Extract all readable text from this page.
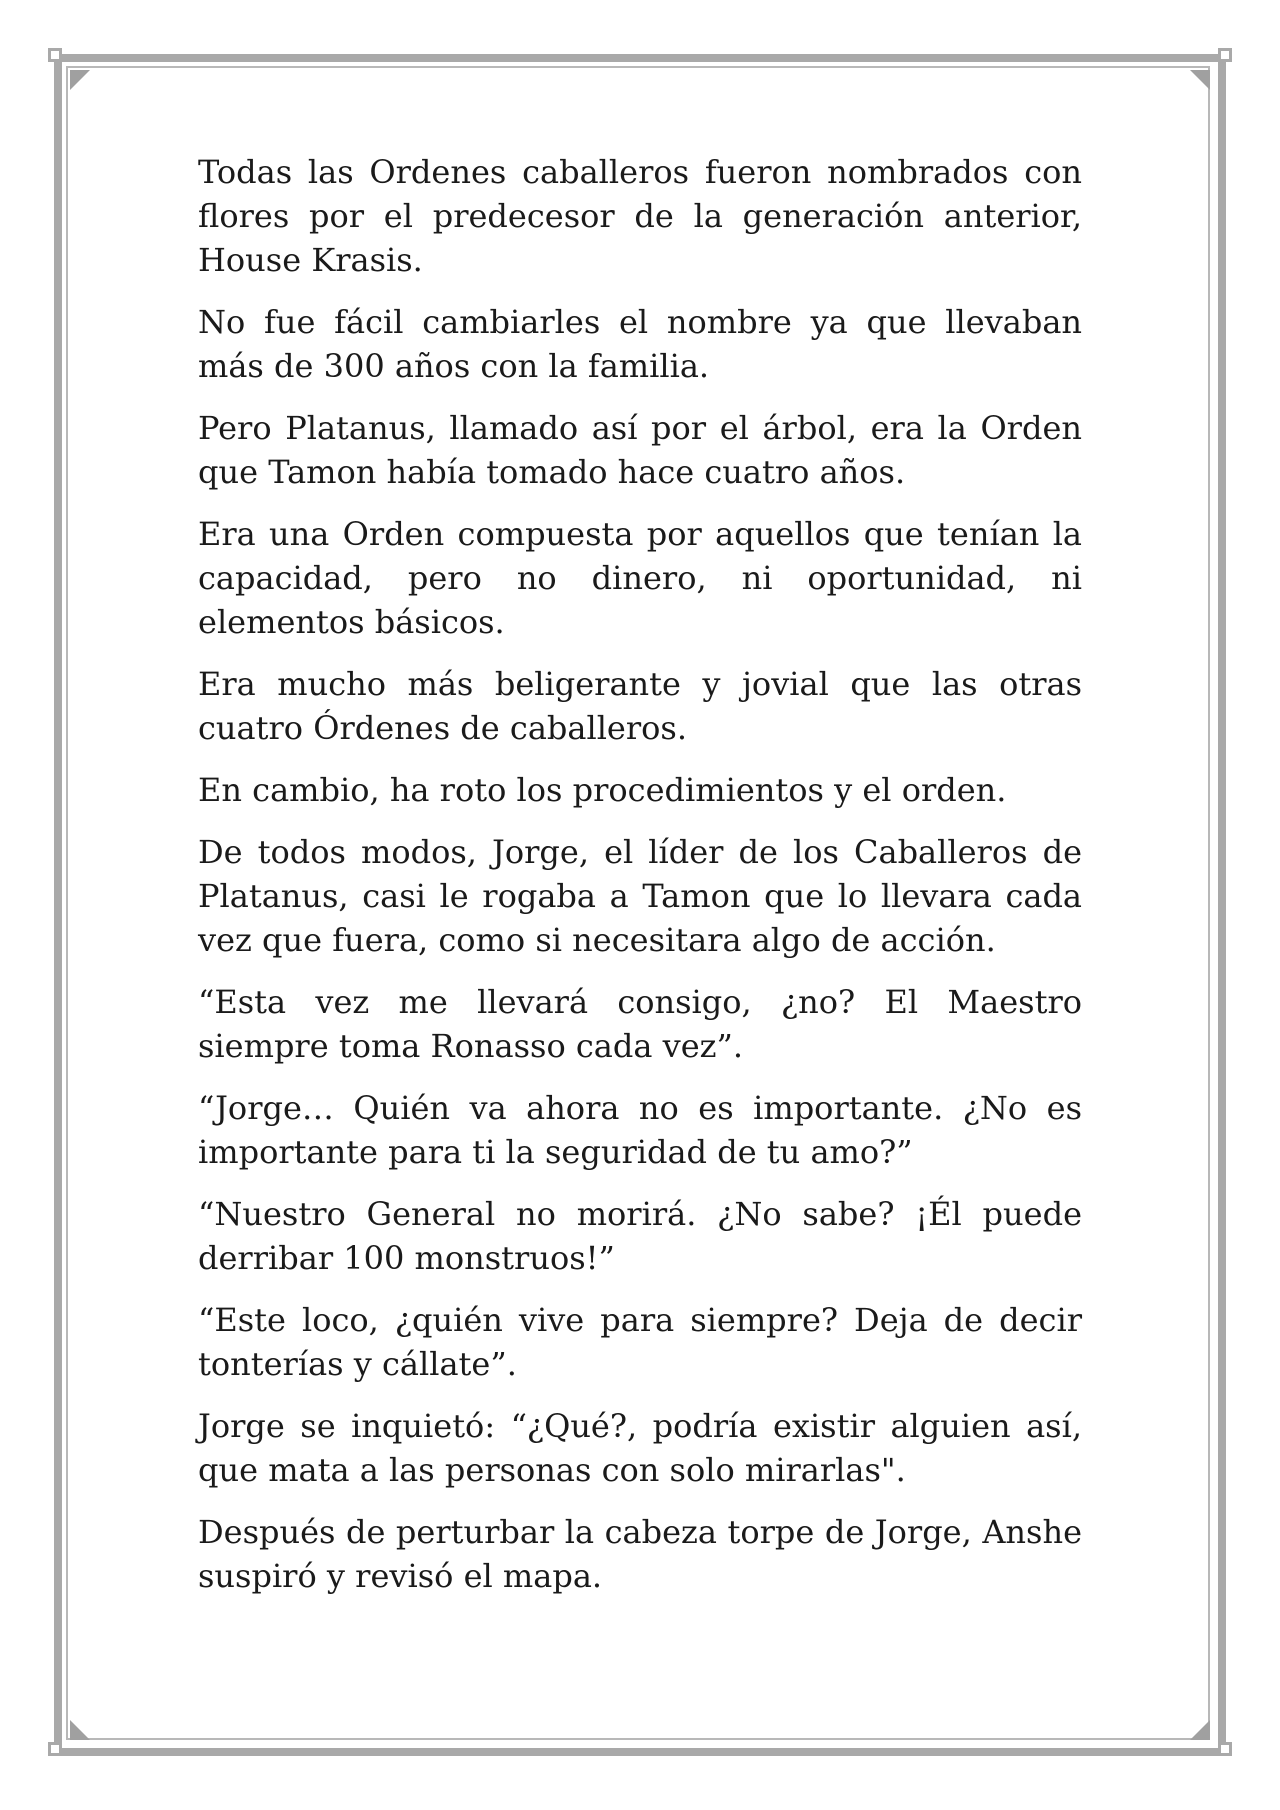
Todas las Ordenes caballeros fueron nombrados con flores por el predecesor de la generación anterior, House Krasis.

No fue fácil cambiarles el nombre ya que llevaban más de 300 años con la familia.

Pero Platanus, llamado así por el árbol, era la Orden que Tamon había tomado hace cuatro años.

Era una Orden compuesta por aquellos que tenían la capacidad, pero no dinero, ni oportunidad, ni elementos básicos.

Era mucho más beligerante y jovial que las otras cuatro Órdenes de caballeros.

En cambio, ha roto los procedimientos y el orden.

De todos modos, Jorge, el líder de los Caballeros de Platanus, casi le rogaba a Tamon que lo llevara cada vez que fuera, como si necesitara algo de acción.

“Esta vez me llevará consigo, ¿no? El Maestro siempre toma Ronasso cada vez”.

“Jorge… Quién va ahora no es importante. ¿No es importante para ti la seguridad de tu amo?”

“Nuestro General no morirá. ¿No sabe? ¡Él puede derribar 100 monstruos!”

“Este loco, ¿quién vive para siempre? Deja de decir tonterías y cállate”.

Jorge se inquietó: “¿Qué?, podría existir alguien así, que mata a las personas con solo mirarlas".

Después de perturbar la cabeza torpe de Jorge, Anshe suspiró y revisó el mapa.
